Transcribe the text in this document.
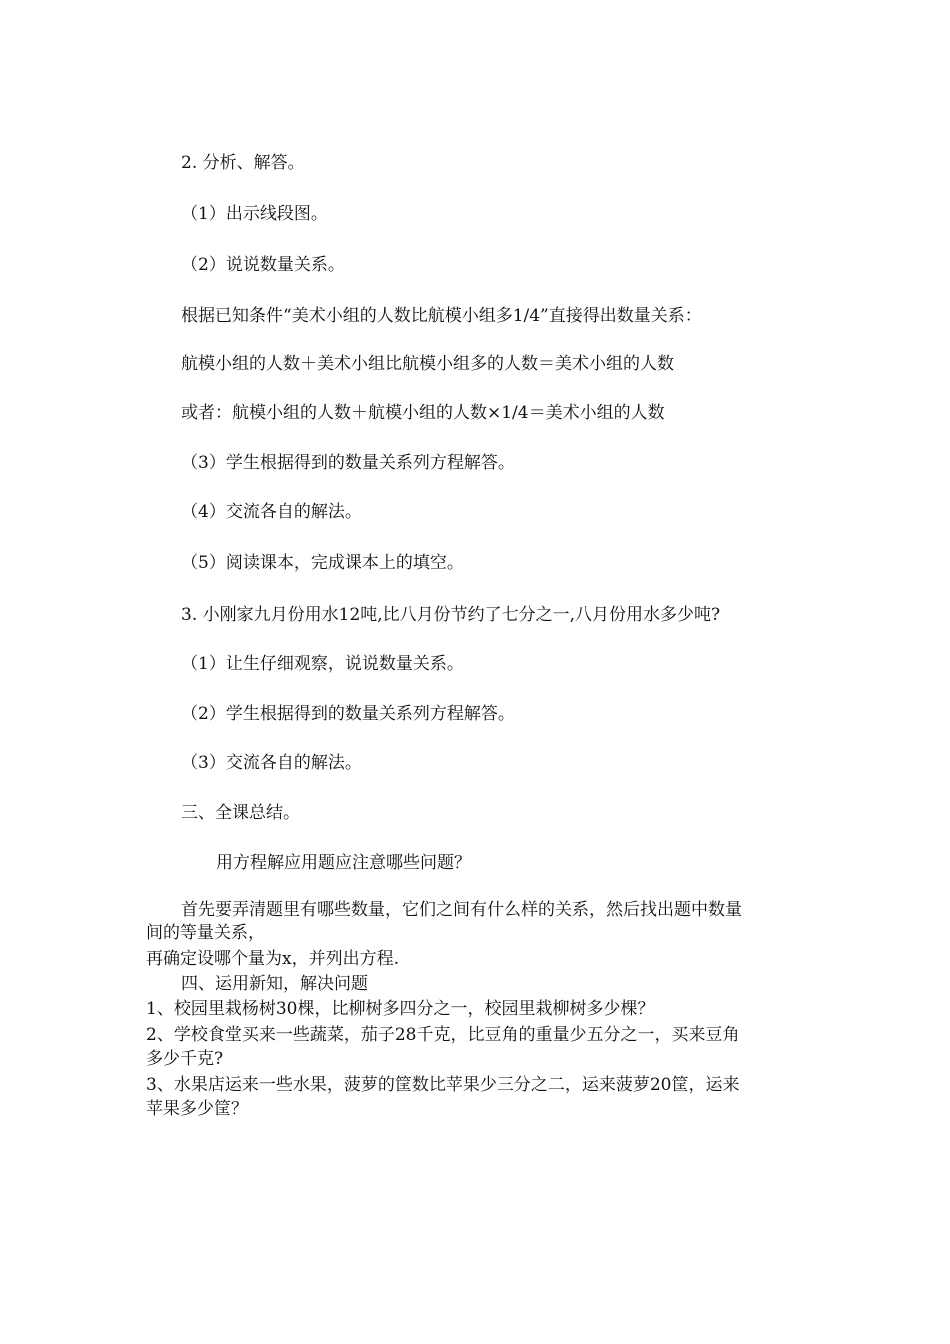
2. 分析、解答。

（1）出示线段图。

（2）说说数量关系。

根据已知条件“美术小组的人数比航模小组多1/4”直接得出数量关系：

航模小组的人数＋美术小组比航模小组多的人数＝美术小组的人数

或者：航模小组的人数＋航模小组的人数×1/4＝美术小组的人数

（3）学生根据得到的数量关系列方程解答。

（4）交流各自的解法。

（5）阅读课本，完成课本上的填空。

3. 小刚家九月份用水12吨,比八月份节约了七分之一,八月份用水多少吨?

（1）让生仔细观察，说说数量关系。

（2）学生根据得到的数量关系列方程解答。

（3）交流各自的解法。

三、全课总结。

用方程解应用题应注意哪些问题？

首先要弄清题里有哪些数量，它们之间有什么样的关系，然后找出题中数量

间的等量关系，

再确定设哪个量为x，并列出方程.

四、运用新知，解决问题

1、校园里栽杨树30棵，比柳树多四分之一，校园里栽柳树多少棵？

2、学校食堂买来一些蔬菜，茄子28千克，比豆角的重量少五分之一，买来豆角

多少千克?

3、水果店运来一些水果，菠萝的筐数比苹果少三分之二，运来菠萝20筐，运来

苹果多少筐？
